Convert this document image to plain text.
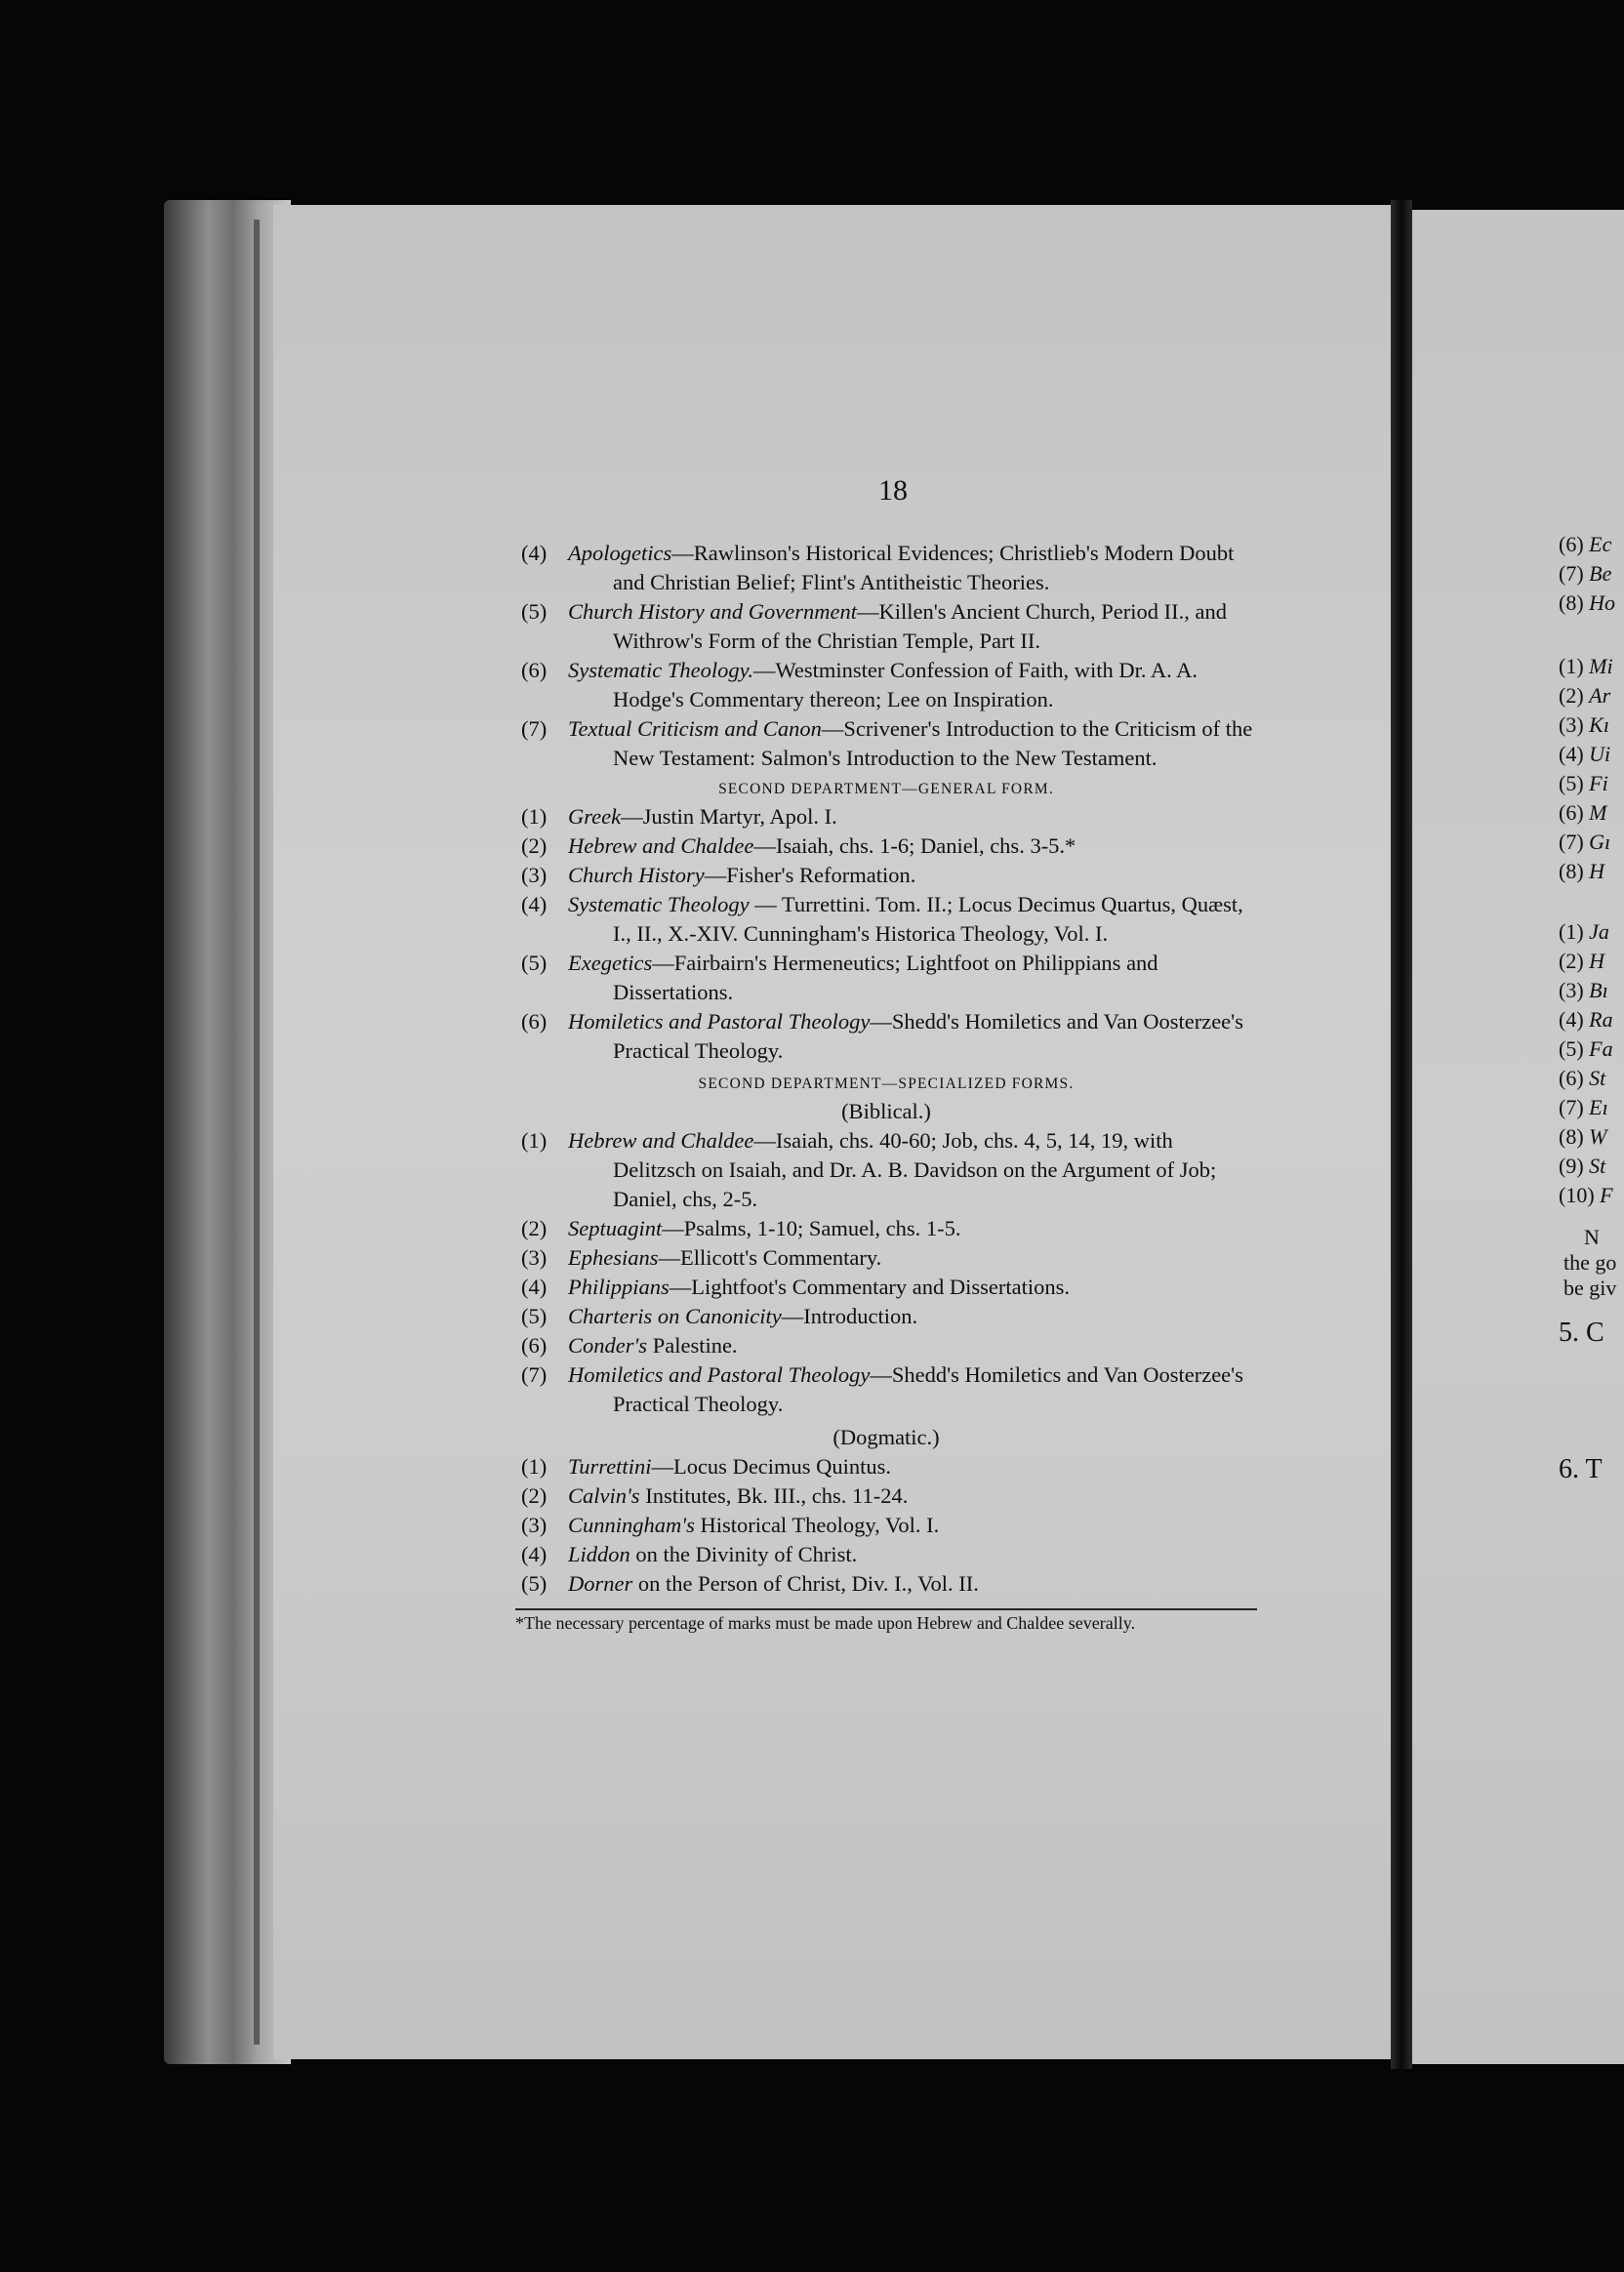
(6) Ec
(7) Be
(8) Ho
(1) Mi
(2) Ar
(3) Kı
(4) Ui
(5) Fi
(6) M
(7) Gı
(8) H
(1) Ja
(2) H
(3) Bı
(4) Ra
(5) Fa
(6) St
(7) Eı
(8) W
(9) St
(10) F
N
the go
be giv
5. C
6. T
18
(4) Apologetics—Rawlinson's Historical Evidences; Christlieb's Modern Doubt and Christian Belief; Flint's Antitheistic Theories.
(5) Church History and Government—Killen's Ancient Church, Period II., and Withrow's Form of the Christian Temple, Part II.
(6) Systematic Theology.—Westminster Confession of Faith, with Dr. A. A. Hodge's Commentary thereon; Lee on Inspiration.
(7) Textual Criticism and Canon—Scrivener's Introduction to the Criticism of the New Testament: Salmon's Introduction to the New Testament.
SECOND DEPARTMENT—GENERAL FORM.
(1) Greek—Justin Martyr, Apol. I.
(2) Hebrew and Chaldee—Isaiah, chs. 1-6; Daniel, chs. 3-5.*
(3) Church History—Fisher's Reformation.
(4) Systematic Theology — Turrettini. Tom. II.; Locus Decimus Quartus, Quæst, I., II., X.-XIV. Cunningham's Historica Theology, Vol. I.
(5) Exegetics—Fairbairn's Hermeneutics; Lightfoot on Philippians and Dissertations.
(6) Homiletics and Pastoral Theology—Shedd's Homiletics and Van Oosterzee's Practical Theology.
SECOND DEPARTMENT—SPECIALIZED FORMS.
(Biblical.)
(1) Hebrew and Chaldee—Isaiah, chs. 40-60; Job, chs. 4, 5, 14, 19, with Delitzsch on Isaiah, and Dr. A. B. Davidson on the Argument of Job; Daniel, chs, 2-5.
(2) Septuagint—Psalms, 1-10; Samuel, chs. 1-5.
(3) Ephesians—Ellicott's Commentary.
(4) Philippians—Lightfoot's Commentary and Dissertations.
(5) Charteris on Canonicity—Introduction.
(6) Conder's Palestine.
(7) Homiletics and Pastoral Theology—Shedd's Homiletics and Van Oosterzee's Practical Theology.
(Dogmatic.)
(1) Turrettini—Locus Decimus Quintus.
(2) Calvin's Institutes, Bk. III., chs. 11-24.
(3) Cunningham's Historical Theology, Vol. I.
(4) Liddon on the Divinity of Christ.
(5) Dorner on the Person of Christ, Div. I., Vol. II.
*The necessary percentage of marks must be made upon Hebrew and Chaldee severally.
